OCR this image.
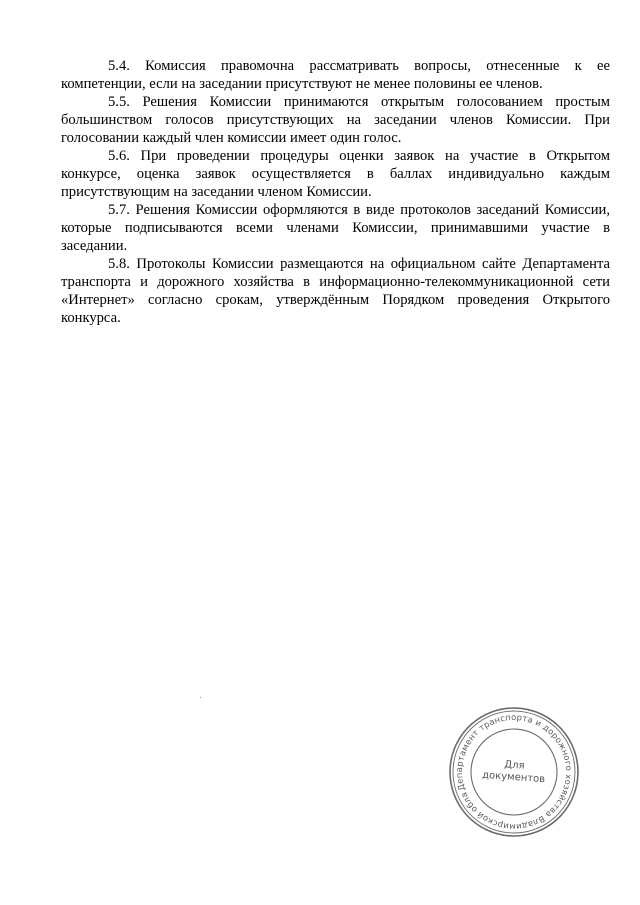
5.4. Комиссия правомочна рассматривать вопросы, отнесенные к ее компетенции, если на заседании присутствуют не менее половины ее членов.

5.5. Решения Комиссии принимаются открытым голосованием простым большинством голосов присутствующих на заседании членов Комиссии. При голосовании каждый член комиссии имеет один голос.

5.6. При проведении процедуры оценки заявок на участие в Открытом конкурсе, оценка заявок осуществляется в баллах индивидуально каждым присутствующим на заседании членом Комиссии.

5.7. Решения Комиссии оформляются в виде протоколов заседаний Комиссии, которые подписываются всеми членами Комиссии, принимавшими участие в заседании.

5.8. Протоколы Комиссии размещаются на официальном сайте Департамента транспорта и дорожного хозяйства в информационно-телекоммуникационной сети «Интернет» согласно срокам, утверждённым Порядком проведения Открытого конкурса.

Департамент транспорта и дорожного хозяйства Владимирской области
Для
документов
